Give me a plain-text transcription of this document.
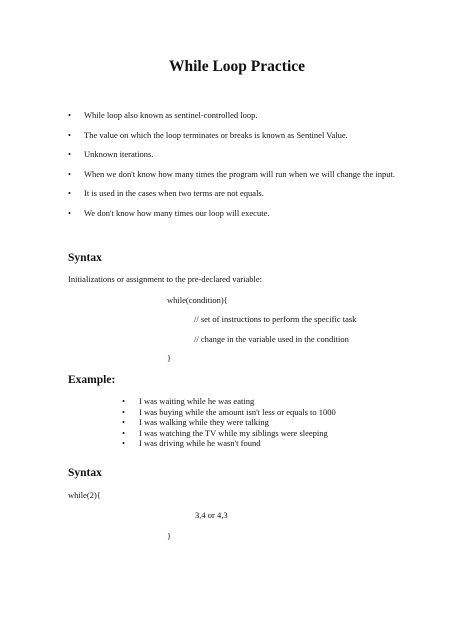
While Loop Practice
• While loop also known as sentinel-controlled loop.
• The value on which the loop terminates or breaks is known as Sentinel Value.
• Unknown iterations.
• When we don't know how many times the program will run when we will change the input.
• It is used in the cases when two terms are not equals.
• We don't know how many times our loop will execute.
Syntax
Initializations or assignment to the pre-declared variable:
while(condition){
// set of instructions to perform the specific task
// change in the variable used in the condition
}
Example:
• I was waiting while he was eating
• I was buying while the amount isn't less or equals to 1000
• I was walking while they were talking
• I was watching the TV while my siblings were sleeping
• I was driving while he wasn't found
Syntax
while(2){
3,4 or 4,3
}
